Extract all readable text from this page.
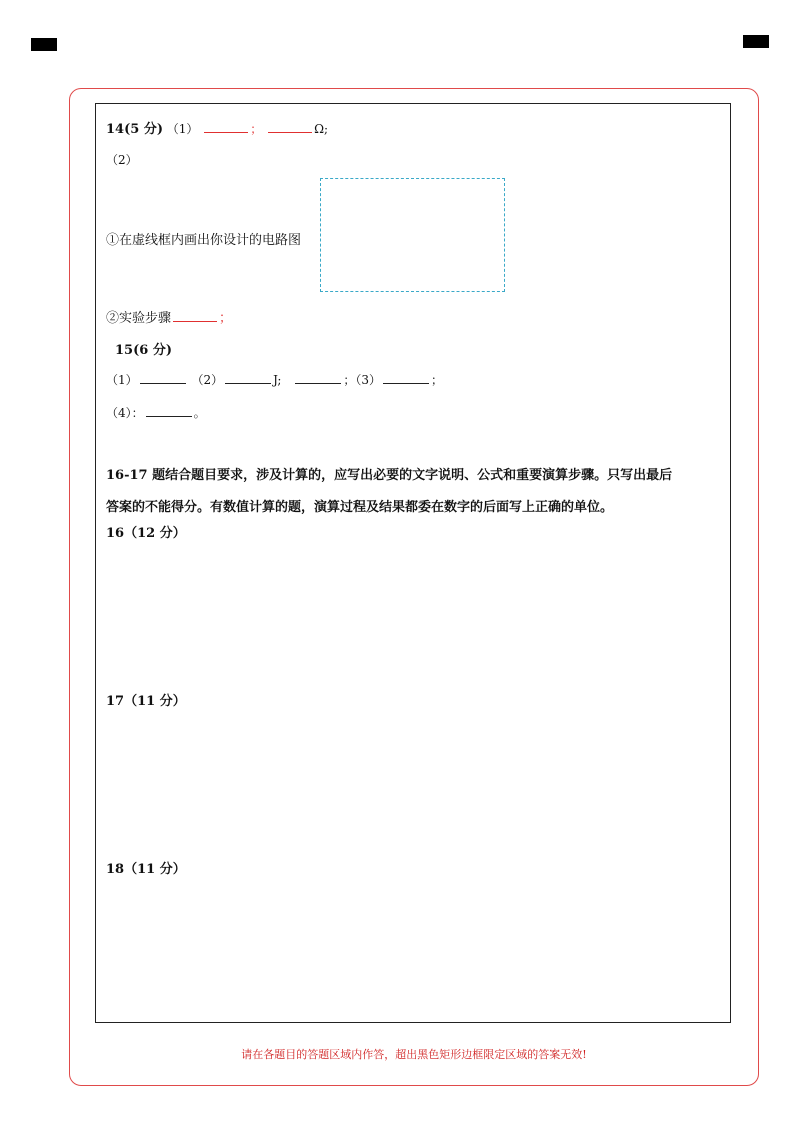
14(5 分) （1）	；	Ω;
（2）
①在虚线框内画出你设计的电路图
②实验步骤	；
15(6 分)
（1）	（2）	J;	；（3）	；
（4）：	。
16-17 题结合题目要求，涉及计算的，应写出必要的文字说明、公式和重要演算步骤。只写出最后
答案的不能得分。有数值计算的题，演算过程及结果都委在数字的后面写上正确的单位。
16（12 分）
17（11 分）
18（11 分）
请在各题目的答题区域内作答，超出黑色矩形边框限定区域的答案无效!
